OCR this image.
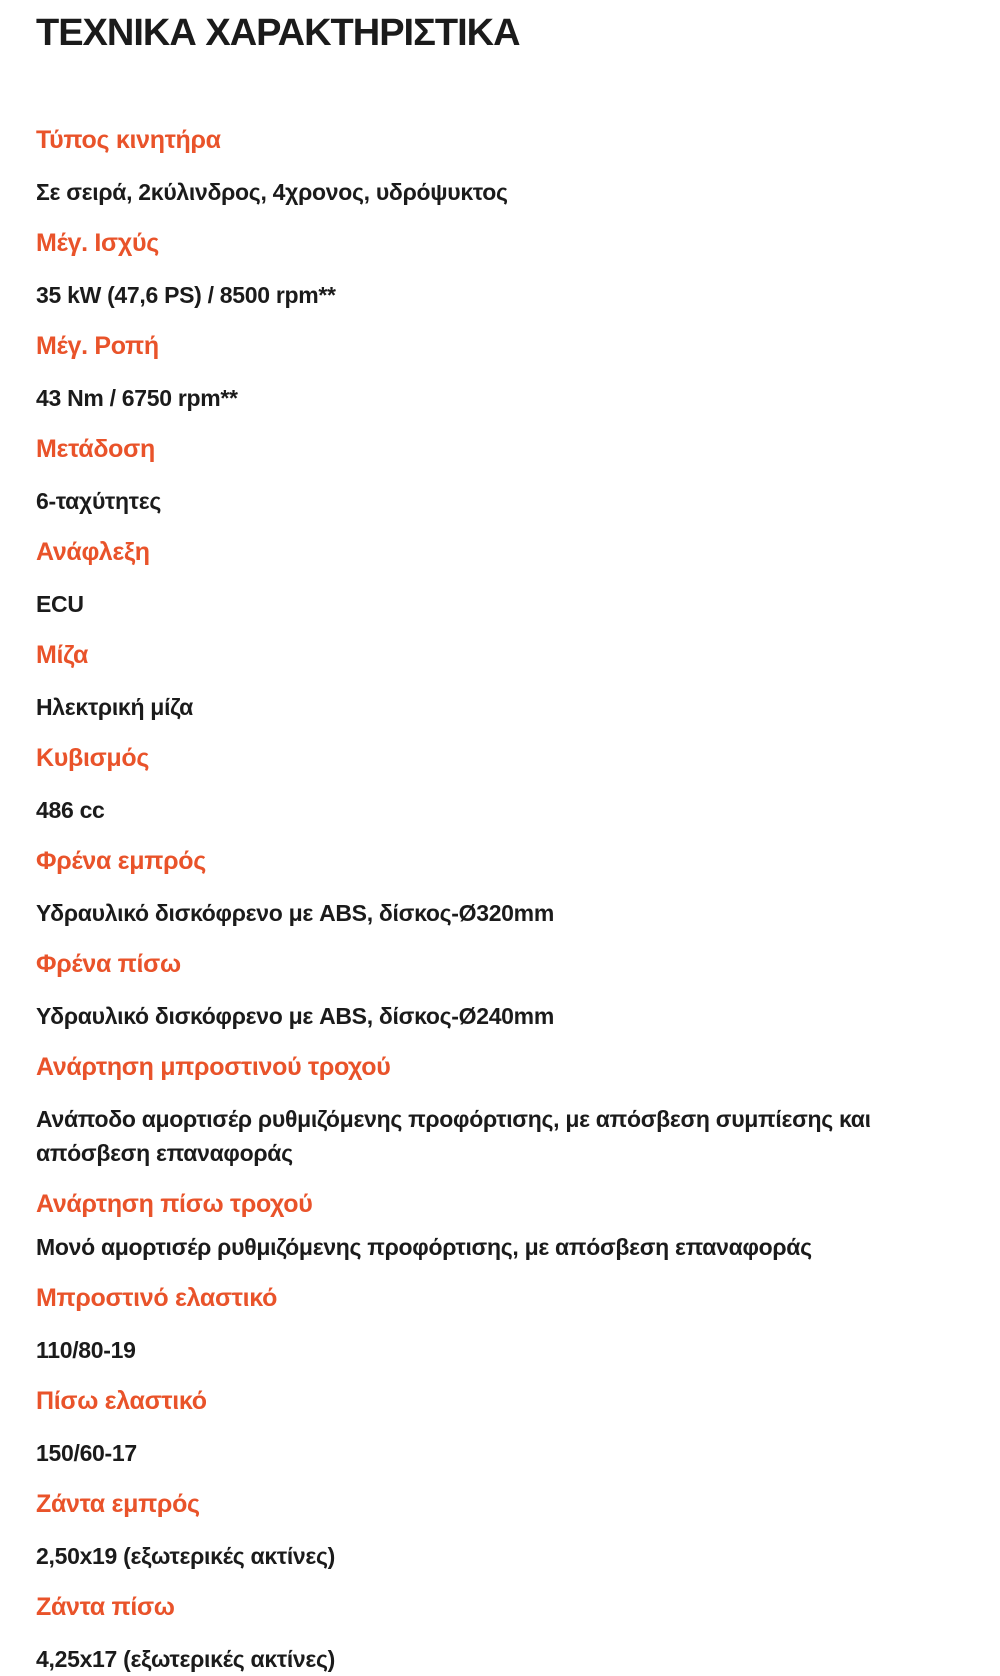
ΤΕΧΝΙΚΑ ΧΑΡΑΚΤΗΡΙΣΤΙΚΑ
Τύπος κινητήρα

Σε σειρά, 2κύλινδρος, 4χρονος, υδρόψυκτος

Μέγ. Ισχύς

35 kW (47,6 PS) / 8500 rpm**

Μέγ. Ροπή

43 Nm / 6750 rpm**

Μετάδοση

6-ταχύτητες

Ανάφλεξη

ECU

Μίζα

Ηλεκτρική μίζα

Κυβισμός

486 cc

Φρένα εμπρός

Υδραυλικό δισκόφρενο με ABS, δίσκος-Ø320mm

Φρένα πίσω

Υδραυλικό δισκόφρενο με ABS, δίσκος-Ø240mm

Ανάρτηση μπροστινού τροχού

Ανάποδο αμορτισέρ ρυθμιζόμενης προφόρτισης, με απόσβεση συμπίεσης και απόσβεση επαναφοράς

Ανάρτηση πίσω τροχού

Μονό αμορτισέρ ρυθμιζόμενης προφόρτισης, με απόσβεση επαναφοράς

Μπροστινό ελαστικό

110/80-19

Πίσω ελαστικό

150/60-17

Ζάντα εμπρός

2,50x19 (εξωτερικές ακτίνες)

Ζάντα πίσω

4,25x17 (εξωτερικές ακτίνες)
